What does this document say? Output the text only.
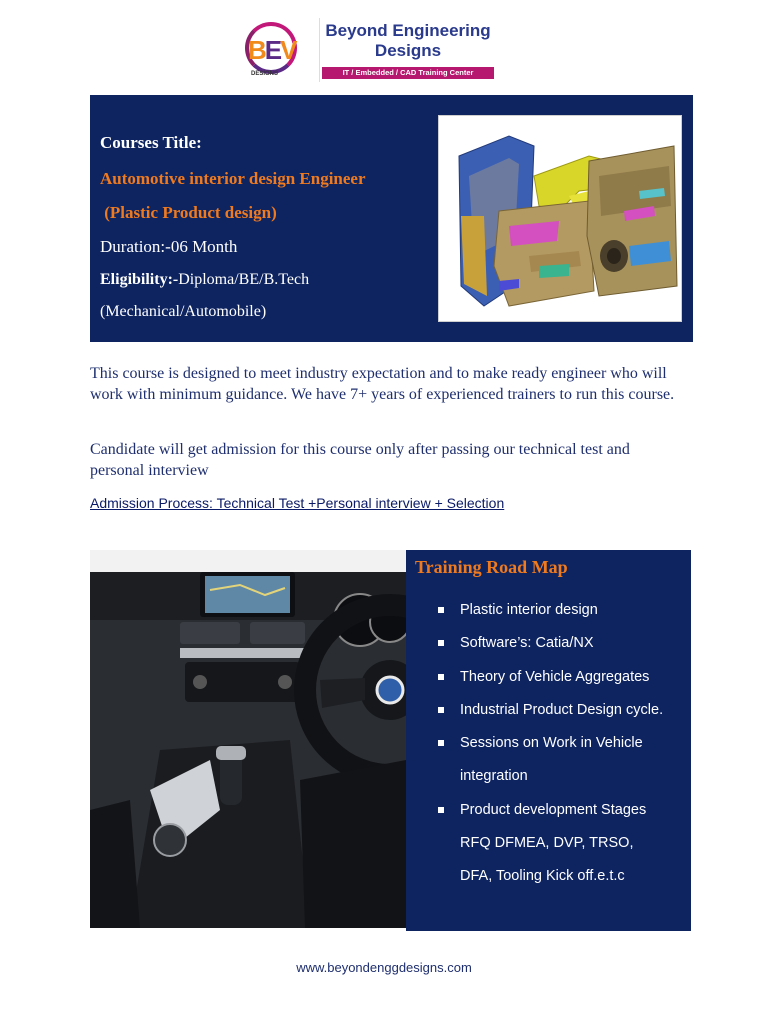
BEV
DESIGNS
Beyond Engineering
Designs
IT / Embedded / CAD Training Center

Courses Title:

Automotive interior design Engineer

(Plastic Product design)

Duration:-06 Month

Eligibility:-Diploma/BE/B.Tech

(Mechanical/Automobile)

This course is designed to meet industry expectation and to make ready engineer who will work with minimum guidance. We have 7+ years of experienced trainers to run this course.
Candidate will get admission for this course only after passing our technical test and personal interview
Admission Process: Technical Test +Personal interview + Selection
Training Road Map
Plastic interior design
Software’s: Catia/NX
Theory of Vehicle Aggregates
Industrial Product Design cycle.
Sessions on Work in Vehicle
integration
Product development Stages
RFQ DFMEA, DVP, TRSO,
DFA, Tooling Kick off.e.t.c
www.beyondenggdesigns.com
